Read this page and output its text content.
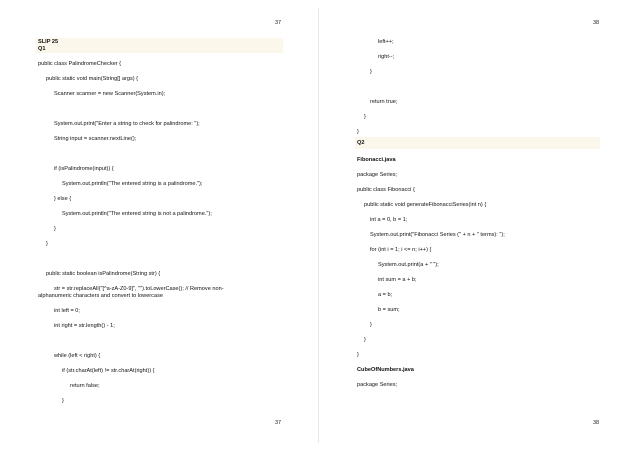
37
SLIP 25
Q1
public class PalindromeChecker {
public static void main(String[] args) {
Scanner scanner = new Scanner(System.in);
System.out.print("Enter a string to check for palindrome: ");
String input = scanner.nextLine();
if (isPalindrome(input)) {
System.out.println("The entered string is a palindrome.");
} else {
System.out.println("The entered string is not a palindrome.");
}
}
public static boolean isPalindrome(String str) {
str = str.replaceAll("[^a-zA-Z0-9]", "").toLowerCase(); // Remove non-
alphanumeric characters and convert to lowercase
int left = 0;
int right = str.length() - 1;
while (left < right) {
if (str.charAt(left) != str.charAt(right)) {
return false;
}
37
38
left++;
right--;
}
return true;
}
}
Q2
Fibonacci.java
package Series;
public class Fibonacci {
public static void generateFibonacciSeries(int n) {
int a = 0, b = 1;
System.out.print("Fibonacci Series (" + n + " terms): ");
for (int i = 1; i <= n; i++) {
System.out.print(a + " ");
int sum = a + b;
a = b;
b = sum;
}
}
}
CubeOfNumbers.java
package Series;
38
